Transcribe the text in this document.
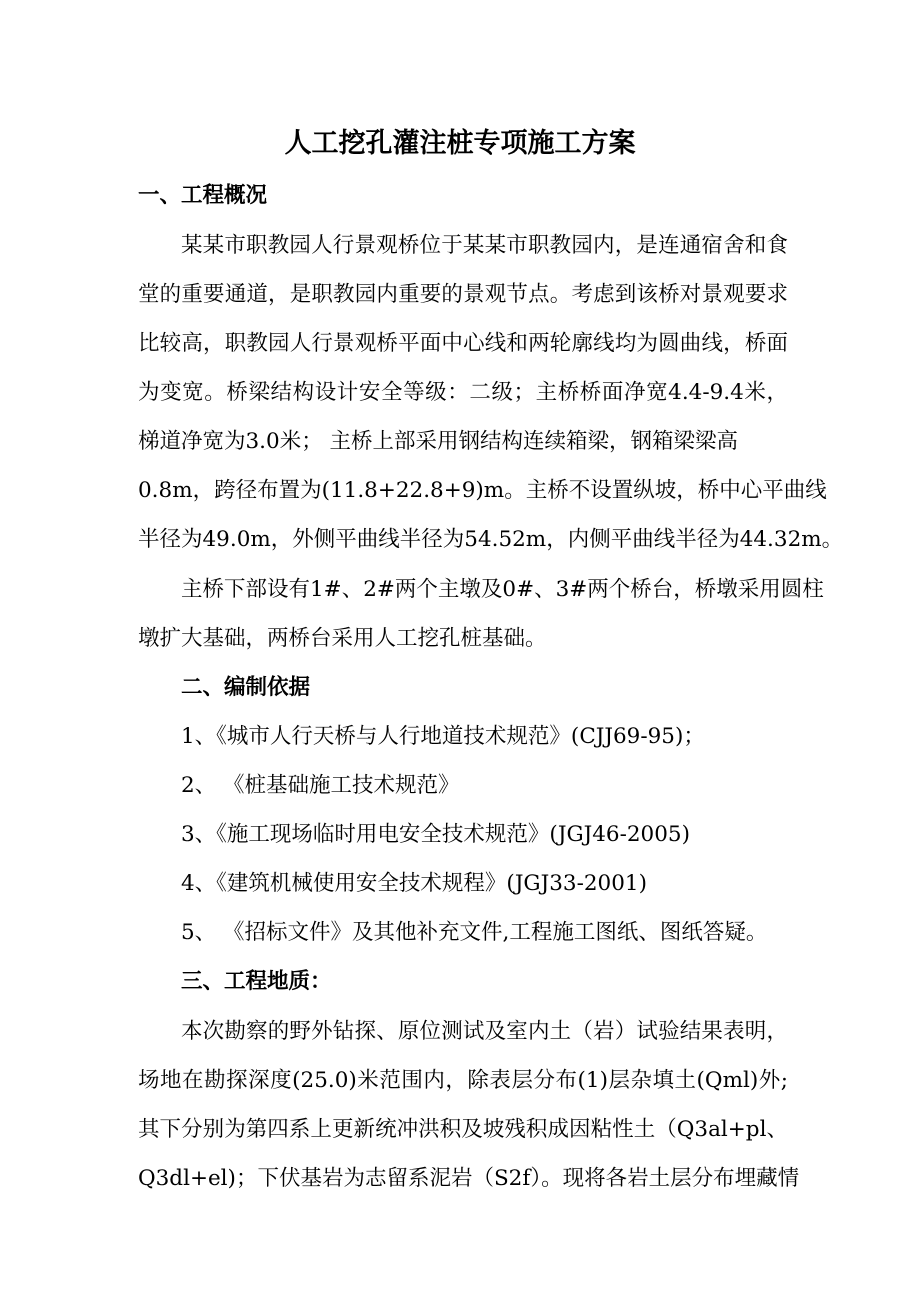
人工挖孔灌注桩专项施工方案
一、工程概况
某某市职教园人行景观桥位于某某市职教园内，是连通宿舍和食
堂的重要通道，是职教园内重要的景观节点。考虑到该桥对景观要求
比较高，职教园人行景观桥平面中心线和两轮廓线均为圆曲线，桥面
为变宽。桥梁结构设计安全等级：二级；主桥桥面净宽4.4-9.4米，
梯道净宽为3.0米； 主桥上部采用钢结构连续箱梁，钢箱梁梁高
0.8m，跨径布置为(11.8+22.8+9)m。主桥不设置纵坡，桥中心平曲线
半径为49.0m，外侧平曲线半径为54.52m，内侧平曲线半径为44.32m。
主桥下部设有1#、2#两个主墩及0#、3#两个桥台，桥墩采用圆柱
墩扩大基础，两桥台采用人工挖孔桩基础。
二、编制依据
1、《城市人行天桥与人行地道技术规范》(CJJ69-95)；
2、 《桩基础施工技术规范》
3、《施工现场临时用电安全技术规范》(JGJ46-2005)
4、《建筑机械使用安全技术规程》(JGJ33-2001)
5、 《招标文件》及其他补充文件,工程施工图纸、图纸答疑。
三、工程地质：
本次勘察的野外钻探、原位测试及室内土（岩）试验结果表明，
场地在勘探深度(25.0)米范围内，除表层分布(1)层杂填土(Qml)外;
其下分别为第四系上更新统冲洪积及坡残积成因粘性土（Q3al+pl、
Q3dl+el)；下伏基岩为志留系泥岩（S2f）。现将各岩土层分布埋藏情
